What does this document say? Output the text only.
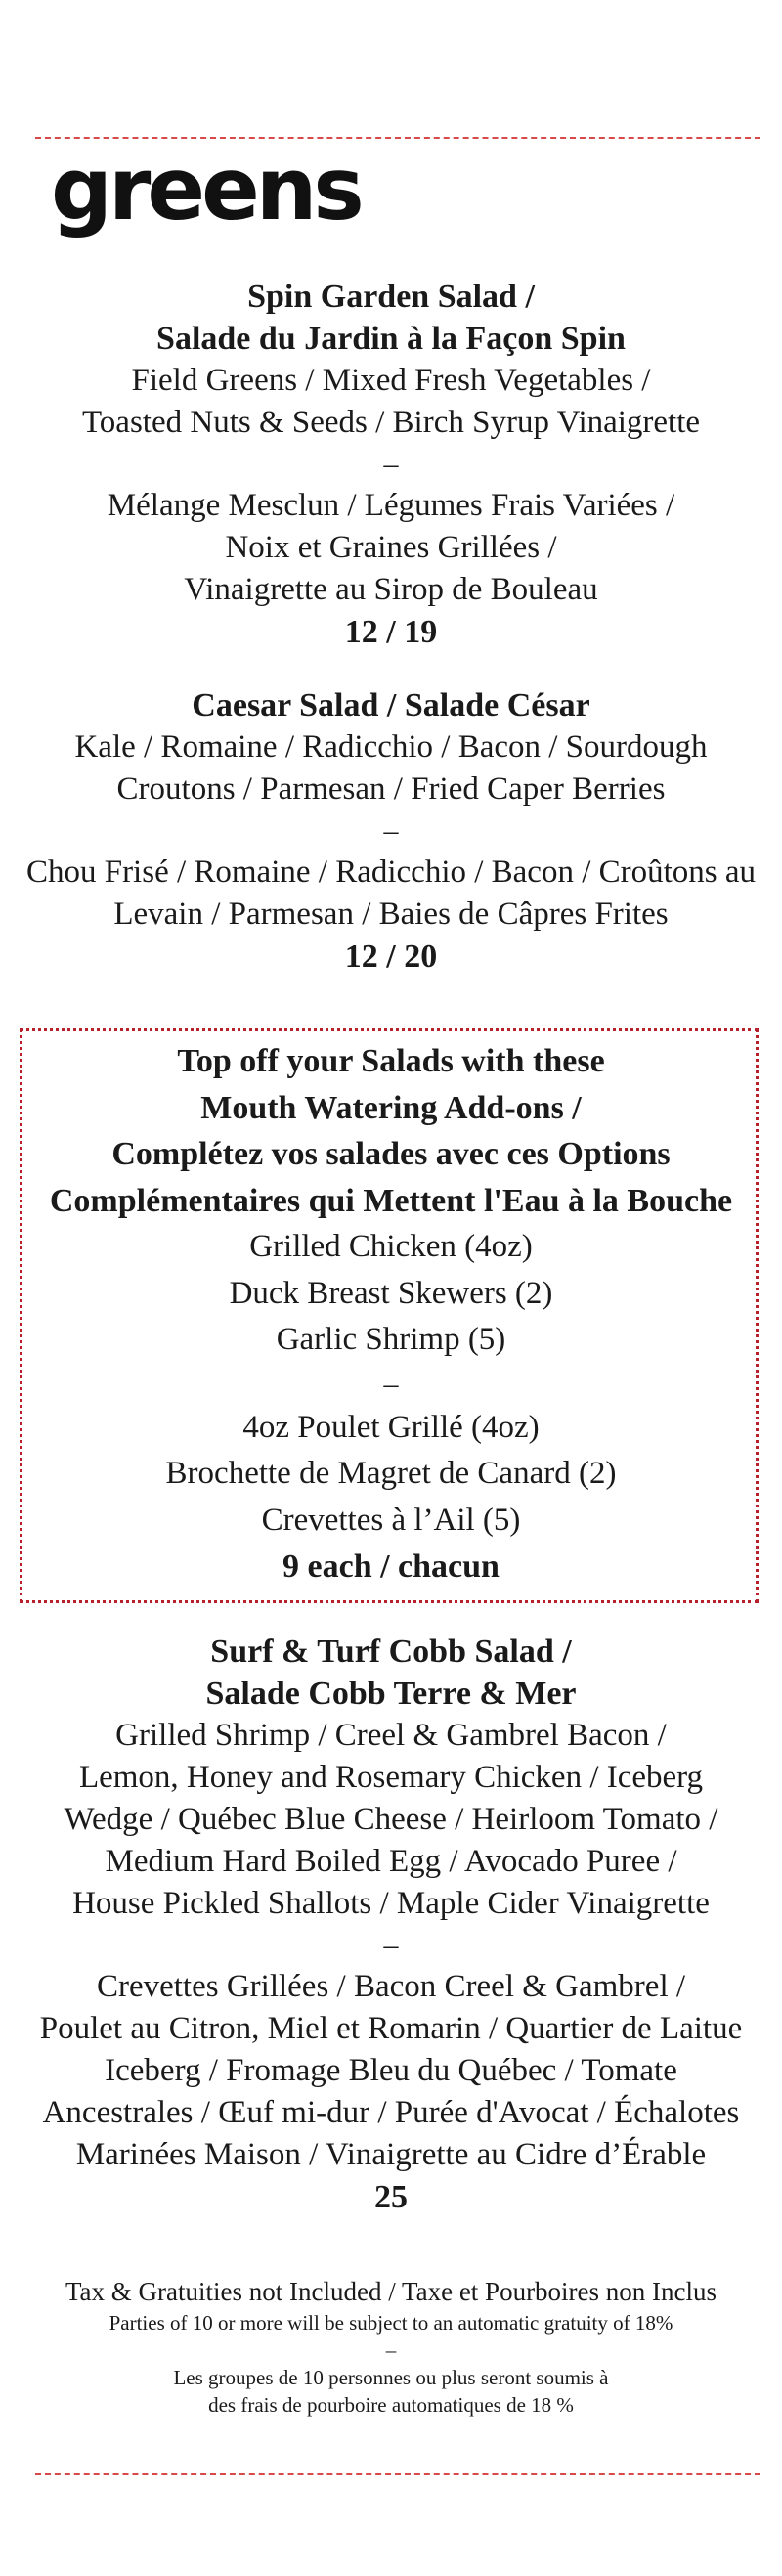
greens
Spin Garden Salad /
Salade du Jardin à la Façon Spin
Field Greens / Mixed Fresh Vegetables /
Toasted Nuts & Seeds / Birch Syrup Vinaigrette
–
Mélange Mesclun / Légumes Frais Variées /
Noix et Graines Grillées /
Vinaigrette au Sirop de Bouleau
12 / 19
Caesar Salad / Salade César
Kale / Romaine / Radicchio / Bacon / Sourdough
Croutons / Parmesan / Fried Caper Berries
–
Chou Frisé / Romaine / Radicchio / Bacon / Croûtons au
Levain / Parmesan / Baies de Câpres Frites
12 / 20
Top off your Salads with these
Mouth Watering Add-ons /
Complétez vos salades avec ces Options
Complémentaires qui Mettent l'Eau à la Bouche
Grilled Chicken (4oz)
Duck Breast Skewers (2)
Garlic Shrimp (5)
–
4oz Poulet Grillé (4oz)
Brochette de Magret de Canard (2)
Crevettes à l’Ail (5)
9 each / chacun
Surf & Turf Cobb Salad /
Salade Cobb Terre & Mer
Grilled Shrimp / Creel & Gambrel Bacon /
Lemon, Honey and Rosemary Chicken / Iceberg
Wedge / Québec Blue Cheese / Heirloom Tomato /
Medium Hard Boiled Egg / Avocado Puree /
House Pickled Shallots / Maple Cider Vinaigrette
–
Crevettes Grillées / Bacon Creel & Gambrel /
Poulet au Citron, Miel et Romarin / Quartier de Laitue
Iceberg / Fromage Bleu du Québec / Tomate
Ancestrales / Œuf mi-dur / Purée d'Avocat / Échalotes
Marinées Maison / Vinaigrette au Cidre d’Érable
25
Tax & Gratuities not Included / Taxe et Pourboires non Inclus
Parties of 10 or more will be subject to an automatic gratuity of 18%
–
Les groupes de 10 personnes ou plus seront soumis à
des frais de pourboire automatiques de 18 %
